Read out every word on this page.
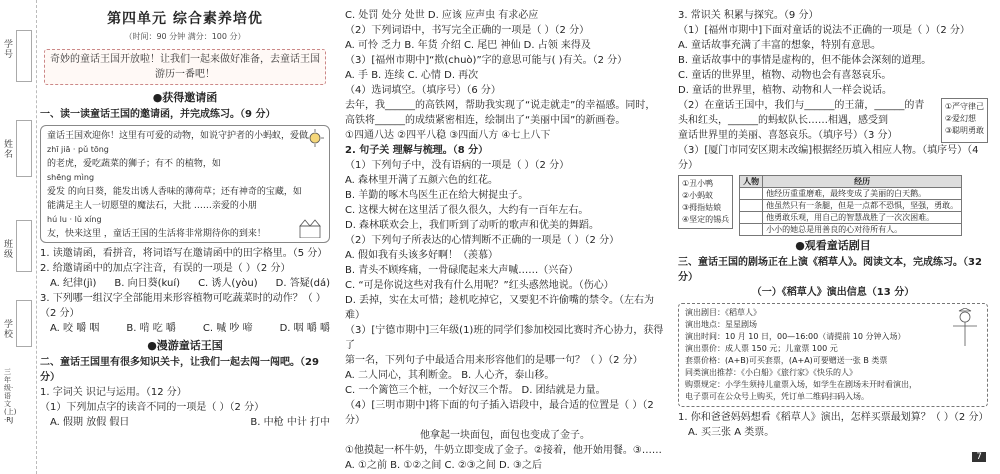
学号
姓名
班级
学校
三年级·语文(上)·RJ
第四单元 综合素养培优
（时间：90 分钟 满分：100 分）
奇妙的童话王国开放啦！让我们一起来做好准备，去童话王国游历一番吧！
●获得邀请函
一、读一读童话王国的邀请函，并完成练习。（9 分）
童话王国欢迎你！这里有可爱的动物，如说守护者的小蚂蚁，爱做
zhī jiā · pǔ tōng
的老虎，爱吃蔬菜的狮子；有不 的植物，如
shēng mìng
爱发 的向日葵，能发出诱人香味的薄荷草；还有神奇的宝藏，如
能满足主人一切愿望的魔法石，大批 ……亲爱的小朋
hú lu · lǔ xíng
友，快来这里 ，童话王国的生活将非常期待你的到来！
1. 读邀请函，看拼音，将词语写在邀请函中的田字格里。（5 分）
2. 给邀请函中的加点字注音，有误的一项是（ ）（2 分）
A. 纪律(jì) B. 向日葵(kuí) C. 诱人(yòu) D. 答疑(dá)
3. 下列哪一组汉字全部能用来形容植物可吃蔬菜时的动作？（ ）（2 分）
A. 咬 嚼 咽	B. 啃 吃 嚼	C. 喊 吵 啼	D. 咽 嚼 嚼
●漫游童话王国
二、童话王国里有很多知识关卡，让我们一起去闯一闯吧。（29 分）
1. 字词关 识记与运用。（12 分）
（1）下列加点字的读音不同的一项是（ ）（2 分）
A. 假期 放假 假日	B. 中枪 中计 打中
C. 处罚 处分 处世 D. 应该 应声虫 有求必应
（2）下列词语中，书写完全正确的一项是（ ）（2 分）
A. 可怜 乏力 B. 年货 介绍 C. 尾巴 神仙 D. 占领 来得及
（3）[福州市期中]“揿(chuò)”字的意思可能与( )有关。（2 分）
A. 手 B. 连续 C. 心情 D. 再次
（4）选词填空。（填序号）（6 分）
去年，我______的高铁网，帮助我实现了“说走就走”的幸福感。同时，
高铁将______的成绩紧密相连，绘制出了“美丽中国”的新画卷。
①四通八达 ②四平八稳 ③四面八方 ④七上八下
2. 句子关 理解与梳理。（8 分）
（1）下列句子中，没有语病的一项是（ ）（2 分）
A. 森林里开满了五颜六色的红花。
B. 羊勤的啄木鸟医生正在给大树捉虫子。
C. 这棵大树在这里活了很久很久，大约有一百年左右。
D. 森林联欢会上，我们听到了动听的歌声和优美的舞蹈。
（2）下列句子所表达的心情判断不正确的一项是（ ）（2 分）
A. 假如我有头该多好啊！（羡慕）
B. 青头不顾疼痛，一骨碌爬起来大声喊……（兴奋）
C. “可是你说这些对我有什么用呢？”红头惑然地说。（伤心）
D. 丢掉，实在太可惜；趁机吃掉它，又要犯不许偷嘴的禁令。（左右为难）
（3）[宁德市期中]三年级(1)班的同学们参加校园比赛时齐心协力，获得了
第一名，下列句子中最适合用来形容他们的是哪一句？（ ）（2 分）
A. 二人同心，其利断金。 B. 人心齐，泰山移。
C. 一个篱笆三个桩，一个好汉三个帮。 D. 团结就是力量。
（4）[三明市期中]将下面的句子插入语段中，最合适的位置是（ ）（2 分）
他拿起一块面包，面包也变成了金子。
①他摸起一杯牛奶，牛奶立即变成了金子。②接着，他开始用餐。③……
A. ①之前 B. ①②之间 C. ②③之间 D. ③之后
3. 常识关 积累与探究。（9 分）
（1）[福州市期中]下面对童话的说法不正确的一项是（ ）（2 分）
A. 童话故事充满了丰富的想象，特别有意思。
B. 童话故事中的事情是虚构的，但不能体会深刻的道理。
C. 童话的世界里，植物、动物也会有喜怒哀乐。
D. 童话的世界里，植物、动物和人一样会说话。
（2）在童话王国中，我们与______的王蒲，______的青
头和红头，______的蚂蚁队长……相遇，感受到
童话世界里的美丽、喜怒哀乐。（填序号）（3 分）
①严守律己
②爱幻想
③聪明勇敢
（3）[厦门市同安区期末改编]根据经历填入相应人物。（填序号）（4 分）
①丑小鸭
②小蚂蚁
③拇指姑娘
④坚定的锡兵
人物	经历
	他经历重重磨难，最终变成了美丽的白天鹅。
	他虽然只有一条腿，但是一点都不恐惧，坚强，勇敢。
	他勇敢乐观，用自己的智慧战胜了一次次困难。
	小小的她总是用善良的心对待所有人。
●观看童话剧目
三、童话王国的剧场正在上演《稻草人》。阅读文本，完成练习。（32 分）
（一）《稻草人》演出信息（13 分）
演出剧目：《稻草人》
演出地点：星星剧场
演出时间：10 月 10 日，00—16:00（请提前 10 分钟入场）
演出票价：成人票 150 元；儿童票 100 元
套票价格：(A+B)可买套票，(A+A)可要赠送一张 B 类票
同类演出推荐：《小白船》《旅行家》《快乐的人》
购票规定：小学生须持儿童票入场，如学生在剧场未开时看演出，
电子票可在公众号上购买，凭订单二维码扫码入场。
1. 你和爸爸妈妈想看《稻草人》演出，怎样买票最划算？（ ）（2 分）
A. 买三张 A 类票。
7
